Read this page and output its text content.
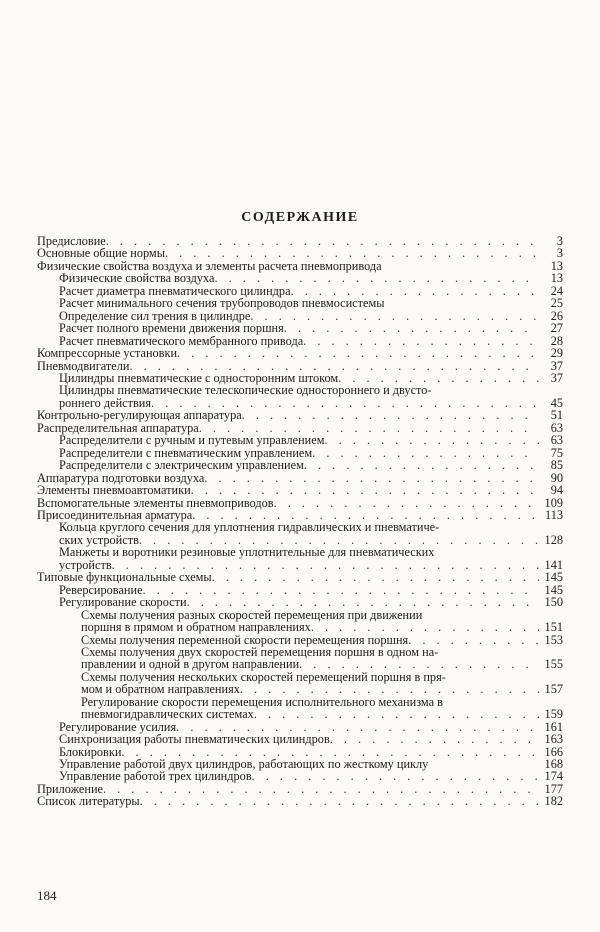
СОДЕРЖАНИЕ
Предисловие . . .	3
Основные общие нормы . . .	3
Физические свойства воздуха и элементы расчета пневмопривода	13
Физические свойства воздуха . . .	13
Расчет диаметра пневматического цилиндра . . .	24
Расчет минимального сечения трубопроводов пневмосистемы	25
Определение сил трения в цилиндре . . .	26
Расчет полного времени движения поршня . . .	27
Расчет пневматического мембранного привода . . .	28
Компрессорные установки . . .	29
Пневмодвигатели . . .	37
Цилиндры пневматические с односторонним штоком . . .	37
Цилиндры пневматические телескопические одностороннего и двусто-
роннего действия . . .	45
Контрольно-регулирующая аппаратура . . .	51
Распределительная аппаратура . . .	63
Распределители с ручным и путевым управлением . . .	63
Распределители с пневматическим управлением . . .	75
Распределители с электрическим управлением . . .	85
Аппаратура подготовки воздуха . . .	90
Элементы пневмоавтоматики . . .	94
Вспомогательные элементы пневмоприводов . . .	109
Присоединительная арматура . . .	113
Кольца круглого сечения для уплотнения гидравлических и пневматиче-
ских устройств . . .	128
Манжеты и воротники резиновые уплотнительные для пневматических
устройств . . .	141
Типовые функциональные схемы . . .	145
Реверсирование . . .	145
Регулирование скорости . . .	150
Схемы получения разных скоростей перемещения при движении
поршня в прямом и обратном направлениях . . .	151
Схемы получения переменной скорости перемещения поршня . . .	153
Схемы получения двух скоростей перемещения поршня в одном на-
правлении и одной в другом направлении . . .	155
Схемы получения нескольких скоростей перемещений поршня в пря-
мом и обратном направлениях . . .	157
Регулирование скорости перемещения исполнительного механизма в
пневмогидравлических системах . . .	159
Регулирование усилия . . .	161
Синхронизация работы пневматических цилиндров . . .	163
Блокировки . . .	166
Управление работой двух цилиндров, работающих по жесткому циклу	168
Управление работой трех цилиндров . . .	174
Приложение . . .	177
Список литературы . . .	182
184
